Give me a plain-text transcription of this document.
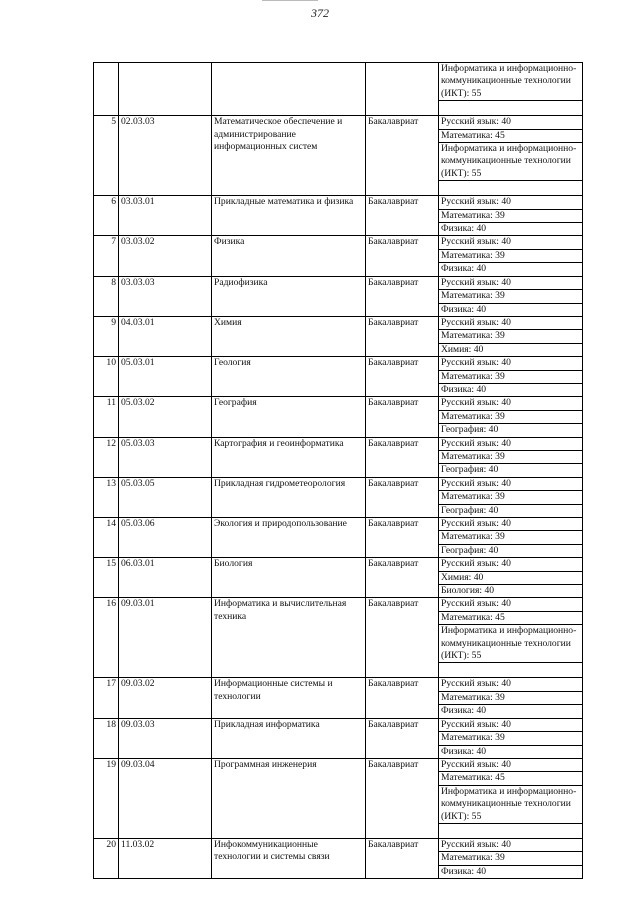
372
				Информатика и информационно-коммуникационные технологии (ИКТ): 55

5	02.03.03	Математическое обеспечение и администрирование информационных систем	Бакалавриат	Русский язык: 40
				Математика: 45
				Информатика и информационно-коммуникационные технологии (ИКТ): 55

6	03.03.01	Прикладные математика и физика	Бакалавриат	Русский язык: 40
				Математика: 39
				Физика: 40
7	03.03.02	Физика	Бакалавриат	Русский язык: 40
				Математика: 39
				Физика: 40
8	03.03.03	Радиофизика	Бакалавриат	Русский язык: 40
				Математика: 39
				Физика: 40
9	04.03.01	Химия	Бакалавриат	Русский язык: 40
				Математика: 39
				Химия: 40
10	05.03.01	Геология	Бакалавриат	Русский язык: 40
				Математика: 39
				Физика: 40
11	05.03.02	География	Бакалавриат	Русский язык: 40
				Математика: 39
				География: 40
12	05.03.03	Картография и геоинформатика	Бакалавриат	Русский язык: 40
				Математика: 39
				География: 40
13	05.03.05	Прикладная гидрометеорология	Бакалавриат	Русский язык: 40
				Математика: 39
				География: 40
14	05.03.06	Экология и природопользование	Бакалавриат	Русский язык: 40
				Математика: 39
				География: 40
15	06.03.01	Биология	Бакалавриат	Русский язык: 40
				Химия: 40
				Биология: 40
16	09.03.01	Информатика и вычислительная техника	Бакалавриат	Русский язык: 40
				Математика: 45
				Информатика и информационно-коммуникационные технологии (ИКТ): 55

17	09.03.02	Информационные системы и технологии	Бакалавриат	Русский язык: 40
				Математика: 39
				Физика: 40
18	09.03.03	Прикладная информатика	Бакалавриат	Русский язык: 40
				Математика: 39
				Физика: 40
19	09.03.04	Программная инженерия	Бакалавриат	Русский язык: 40
				Математика: 45
				Информатика и информационно-коммуникационные технологии (ИКТ): 55

20	11.03.02	Инфокоммуникационные технологии и системы связи	Бакалавриат	Русский язык: 40
				Математика: 39
				Физика: 40
